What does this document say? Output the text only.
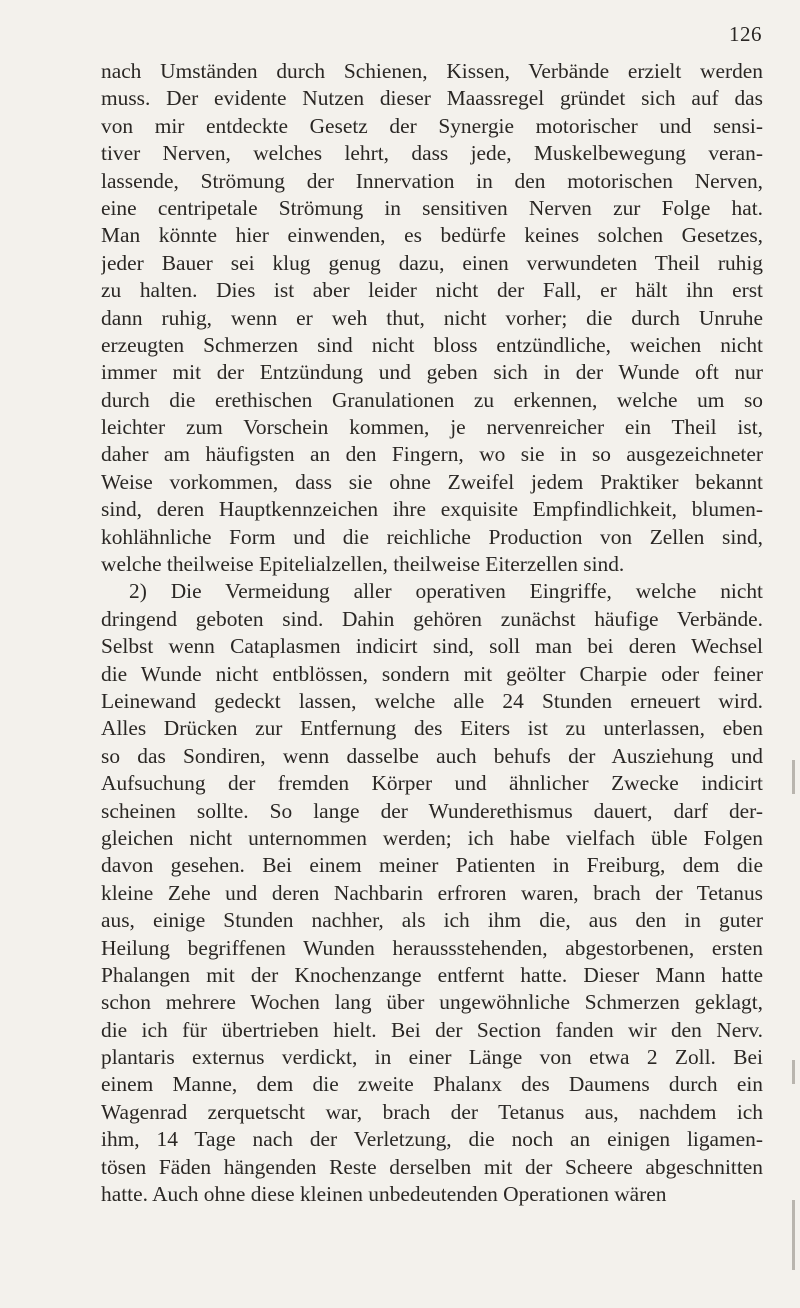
126
nach Umständen durch Schienen, Kissen, Verbände erzielt werden
muss. Der evidente Nutzen dieser Maassregel gründet sich auf das
von mir entdeckte Gesetz der Synergie motorischer und sensi-
tiver Nerven, welches lehrt, dass jede, Muskelbewegung veran-
lassende, Strömung der Innervation in den motorischen Nerven,
eine centripetale Strömung in sensitiven Nerven zur Folge hat.
Man könnte hier einwenden, es bedürfe keines solchen Gesetzes,
jeder Bauer sei klug genug dazu, einen verwundeten Theil ruhig
zu halten. Dies ist aber leider nicht der Fall, er hält ihn erst
dann ruhig, wenn er weh thut, nicht vorher; die durch Unruhe
erzeugten Schmerzen sind nicht bloss entzündliche, weichen nicht
immer mit der Entzündung und geben sich in der Wunde oft nur
durch die erethischen Granulationen zu erkennen, welche um so
leichter zum Vorschein kommen, je nervenreicher ein Theil ist,
daher am häufigsten an den Fingern, wo sie in so ausgezeichneter
Weise vorkommen, dass sie ohne Zweifel jedem Praktiker bekannt
sind, deren Hauptkennzeichen ihre exquisite Empfindlichkeit, blumen-
kohlähnliche Form und die reichliche Production von Zellen sind,
welche theilweise Epitelialzellen, theilweise Eiterzellen sind.
2) Die Vermeidung aller operativen Eingriffe, welche nicht
dringend geboten sind. Dahin gehören zunächst häufige Verbände.
Selbst wenn Cataplasmen indicirt sind, soll man bei deren Wechsel
die Wunde nicht entblössen, sondern mit geölter Charpie oder feiner
Leinewand gedeckt lassen, welche alle 24 Stunden erneuert wird.
Alles Drücken zur Entfernung des Eiters ist zu unterlassen, eben
so das Sondiren, wenn dasselbe auch behufs der Ausziehung und
Aufsuchung der fremden Körper und ähnlicher Zwecke indicirt
scheinen sollte. So lange der Wunderethismus dauert, darf der-
gleichen nicht unternommen werden; ich habe vielfach üble Folgen
davon gesehen. Bei einem meiner Patienten in Freiburg, dem die
kleine Zehe und deren Nachbarin erfroren waren, brach der Tetanus
aus, einige Stunden nachher, als ich ihm die, aus den in guter
Heilung begriffenen Wunden heraussstehenden, abgestorbenen, ersten
Phalangen mit der Knochenzange entfernt hatte. Dieser Mann hatte
schon mehrere Wochen lang über ungewöhnliche Schmerzen geklagt,
die ich für übertrieben hielt. Bei der Section fanden wir den Nerv.
plantaris externus verdickt, in einer Länge von etwa 2 Zoll. Bei
einem Manne, dem die zweite Phalanx des Daumens durch ein
Wagenrad zerquetscht war, brach der Tetanus aus, nachdem ich
ihm, 14 Tage nach der Verletzung, die noch an einigen ligamen-
tösen Fäden hängenden Reste derselben mit der Scheere abgeschnitten
hatte. Auch ohne diese kleinen unbedeutenden Operationen wären
